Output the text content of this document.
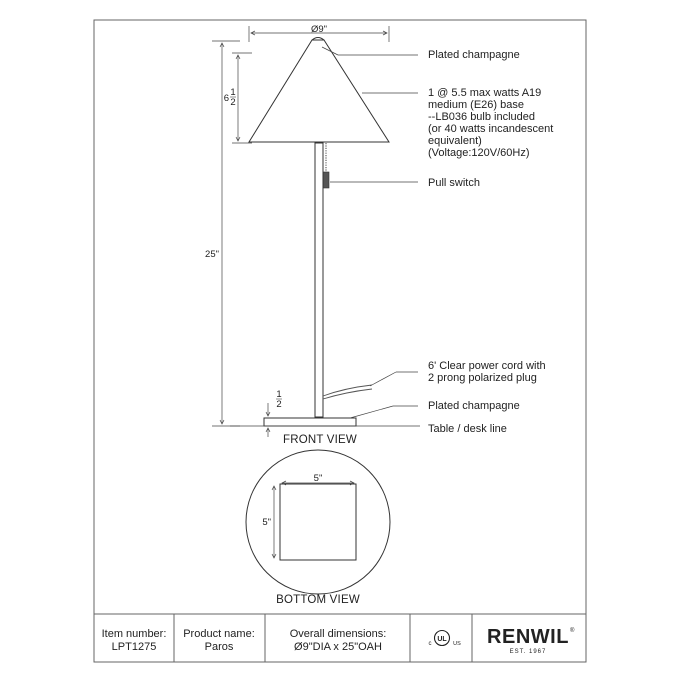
Ø9"
6
1
2
25"
1
2
FRONT VIEW
Plated champagne
1 @ 5.5 max watts A19
medium (E26) base
--LB036 bulb included
(or 40 watts incandescent
equivalent)
(Voltage:120V/60Hz)
Pull switch
6' Clear power cord with
2 prong polarized plug
Plated champagne
Table / desk line
5"
5"
BOTTOM VIEW
Item number:
LPT1275
Product name:
Paros
Overall dimensions:
Ø9"DIA x 25"OAH
UL
c	US RENWIL ®
EST. 1967
